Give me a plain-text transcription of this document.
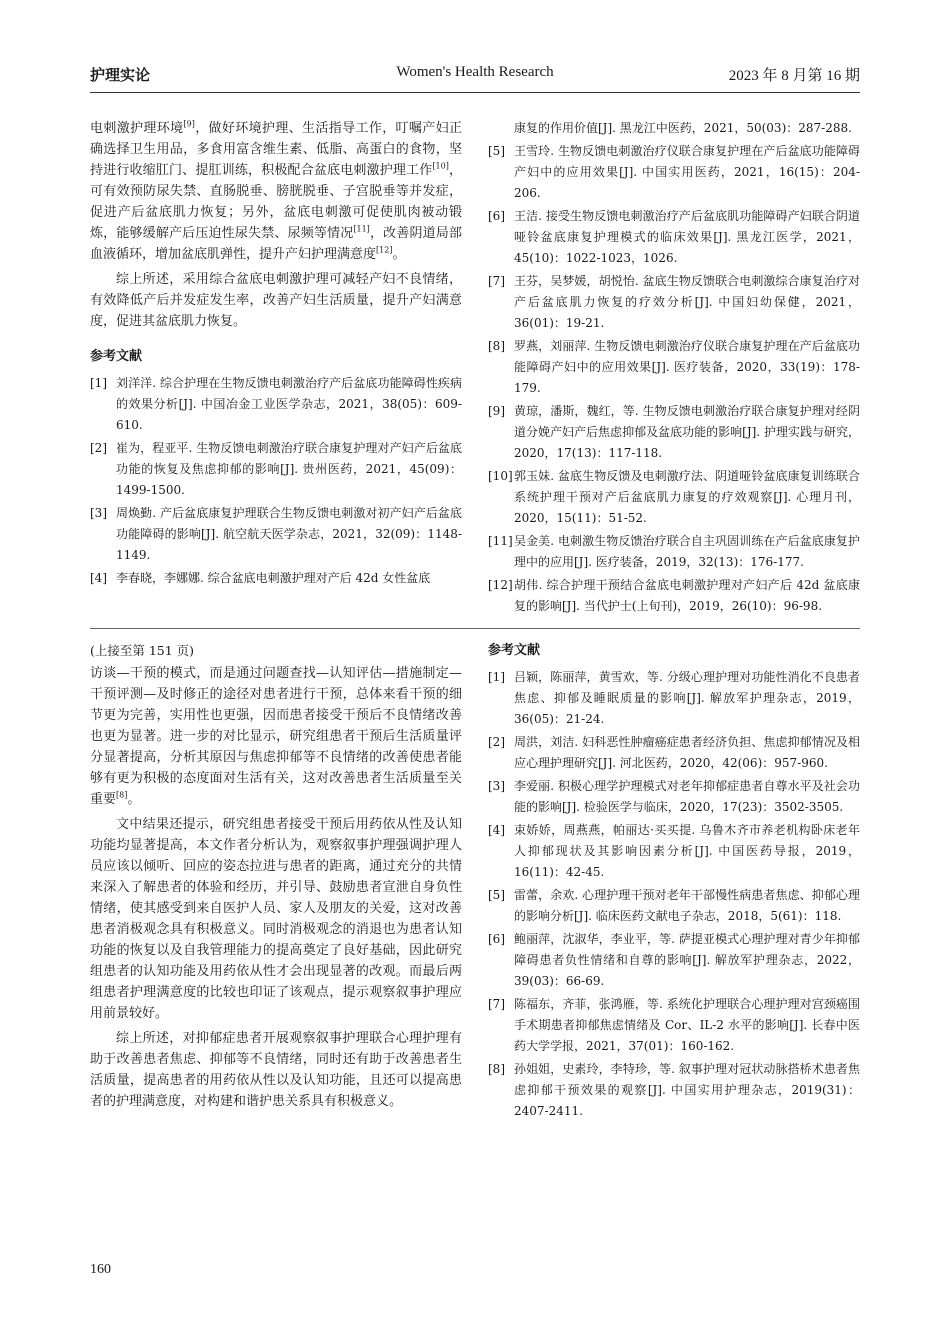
Women's Health Research
护理实论	2023 年 8 月第 16 期

电刺激护理环境[9]，做好环境护理、生活指导工作，叮嘱产妇正确选择卫生用品，多食用富含维生素、低脂、高蛋白的食物，坚持进行收缩肛门、提肛训练，积极配合盆底电刺激护理工作[10]，可有效预防尿失禁、直肠脱垂、膀胱脱垂、子宫脱垂等并发症，促进产后盆底肌力恢复；另外，盆底电刺激可促使肌肉被动锻炼，能够缓解产后压迫性尿失禁、尿频等情况[11]，改善阴道局部血液循环，增加盆底肌弹性，提升产妇护理满意度[12]。

综上所述，采用综合盆底电刺激护理可减轻产妇不良情绪，有效降低产后并发症发生率，改善产妇生活质量，提升产妇满意度，促进其盆底肌力恢复。

参考文献
[1] 刘洋洋. 综合护理在生物反馈电刺激治疗产后盆底功能障碍性疾病的效果分析[J]. 中国冶金工业医学杂志，2021，38(05)：609-610.
[2] 崔为，程亚平. 生物反馈电刺激治疗联合康复护理对产妇产后盆底功能的恢复及焦虑抑郁的影响[J]. 贵州医药，2021，45(09)：1499-1500.
[3] 周焕勤. 产后盆底康复护理联合生物反馈电刺激对初产妇产后盆底功能障碍的影响[J]. 航空航天医学杂志，2021，32(09)：1148-1149.
[4] 李春晓，李娜娜. 综合盆底电刺激护理对产后 42d 女性盆底
康复的作用价值[J]. 黑龙江中医药，2021，50(03)：287-288.
[5] 王雪玲. 生物反馈电刺激治疗仪联合康复护理在产后盆底功能障碍产妇中的应用效果[J]. 中国实用医药，2021，16(15)：204-206.
[6] 王洁. 接受生物反馈电刺激治疗产后盆底肌功能障碍产妇联合阴道哑铃盆底康复护理模式的临床效果[J]. 黑龙江医学，2021，45(10)：1022-1023，1026.
[7] 王芬，吴梦媛，胡悦怡. 盆底生物反馈联合电刺激综合康复治疗对产后盆底肌力恢复的疗效分析[J]. 中国妇幼保健，2021，36(01)：19-21.
[8] 罗燕，刘丽萍. 生物反馈电刺激治疗仪联合康复护理在产后盆底功能障碍产妇中的应用效果[J]. 医疗装备，2020，33(19)：178-179.
[9] 黄琼，潘斯，魏红，等. 生物反馈电刺激治疗联合康复护理对经阴道分娩产妇产后焦虑抑郁及盆底功能的影响[J]. 护理实践与研究，2020，17(13)：117-118.
[10] 郭玉妹. 盆底生物反馈及电刺激疗法、阴道哑铃盆底康复训练联合系统护理干预对产后盆底肌力康复的疗效观察[J]. 心理月刊，2020，15(11)：51-52.
[11] 吴金美. 电刺激生物反馈治疗联合自主巩固训练在产后盆底康复护理中的应用[J]. 医疗装备，2019，32(13)：176-177.
[12] 胡伟. 综合护理干预结合盆底电刺激护理对产妇产后 42d 盆底康复的影响[J]. 当代护士(上旬刊)，2019，26(10)：96-98.

(上接至第 151 页)

访谈—干预的模式，而是通过问题查找—认知评估—措施制定—干预评测—及时修正的途径对患者进行干预，总体来看干预的细节更为完善，实用性也更强，因而患者接受干预后不良情绪改善也更为显著。进一步的对比显示，研究组患者干预后生活质量评分显著提高，分析其原因与焦虑抑郁等不良情绪的改善使患者能够有更为积极的态度面对生活有关，这对改善患者生活质量至关重要[8]。

文中结果还提示，研究组患者接受干预后用药依从性及认知功能均显著提高，本文作者分析认为，观察叙事护理强调护理人员应该以倾听、回应的姿态拉进与患者的距离，通过充分的共情来深入了解患者的体验和经历，并引导、鼓励患者宣泄自身负性情绪，使其感受到来自医护人员、家人及朋友的关爱，这对改善患者消极观念具有积极意义。同时消极观念的消退也为患者认知功能的恢复以及自我管理能力的提高奠定了良好基础，因此研究组患者的认知功能及用药依从性才会出现显著的改观。而最后两组患者护理满意度的比较也印证了该观点，提示观察叙事护理应用前景较好。

综上所述，对抑郁症患者开展观察叙事护理联合心理护理有助于改善患者焦虑、抑郁等不良情绪，同时还有助于改善患者生活质量，提高患者的用药依从性以及认知功能，且还可以提高患者的护理满意度，对构建和谐护患关系具有积极意义。

参考文献
[1] 吕颖，陈丽萍，黄雪欢，等. 分级心理护理对功能性消化不良患者焦虑、抑郁及睡眠质量的影响[J]. 解放军护理杂志，2019，36(05)：21-24.
[2] 周洪，刘洁. 妇科恶性肿瘤癌症患者经济负担、焦虑抑郁情况及相应心理护理研究[J]. 河北医药，2020，42(06)：957-960.
[3] 李爱丽. 积极心理学护理模式对老年抑郁症患者自尊水平及社会功能的影响[J]. 检验医学与临床，2020，17(23)：3502-3505.
[4] 束娇娇，周燕燕，帕丽达·买买提. 乌鲁木齐市养老机构卧床老年人抑郁现状及其影响因素分析[J]. 中国医药导报，2019，16(11)：42-45.
[5] 雷蕾，余欢. 心理护理干预对老年干部慢性病患者焦虑、抑郁心理的影响分析[J]. 临床医药文献电子杂志，2018，5(61)：118.
[6] 鲍丽萍，沈淑华，李业平，等. 萨提亚模式心理护理对青少年抑郁障碍患者负性情绪和自尊的影响[J]. 解放军护理杂志，2022，39(03)：66-69.
[7] 陈福东，齐菲，张鸿雁，等. 系统化护理联合心理护理对宫颈癌围手术期患者抑郁焦虑情绪及 Cor、IL-2 水平的影响[J]. 长春中医药大学学报，2021，37(01)：160-162.
[8] 孙姐姐，史素玲，李特珍，等. 叙事护理对冠状动脉搭桥术患者焦虑抑郁干预效果的观察[J]. 中国实用护理杂志，2019(31)：2407-2411.
160
